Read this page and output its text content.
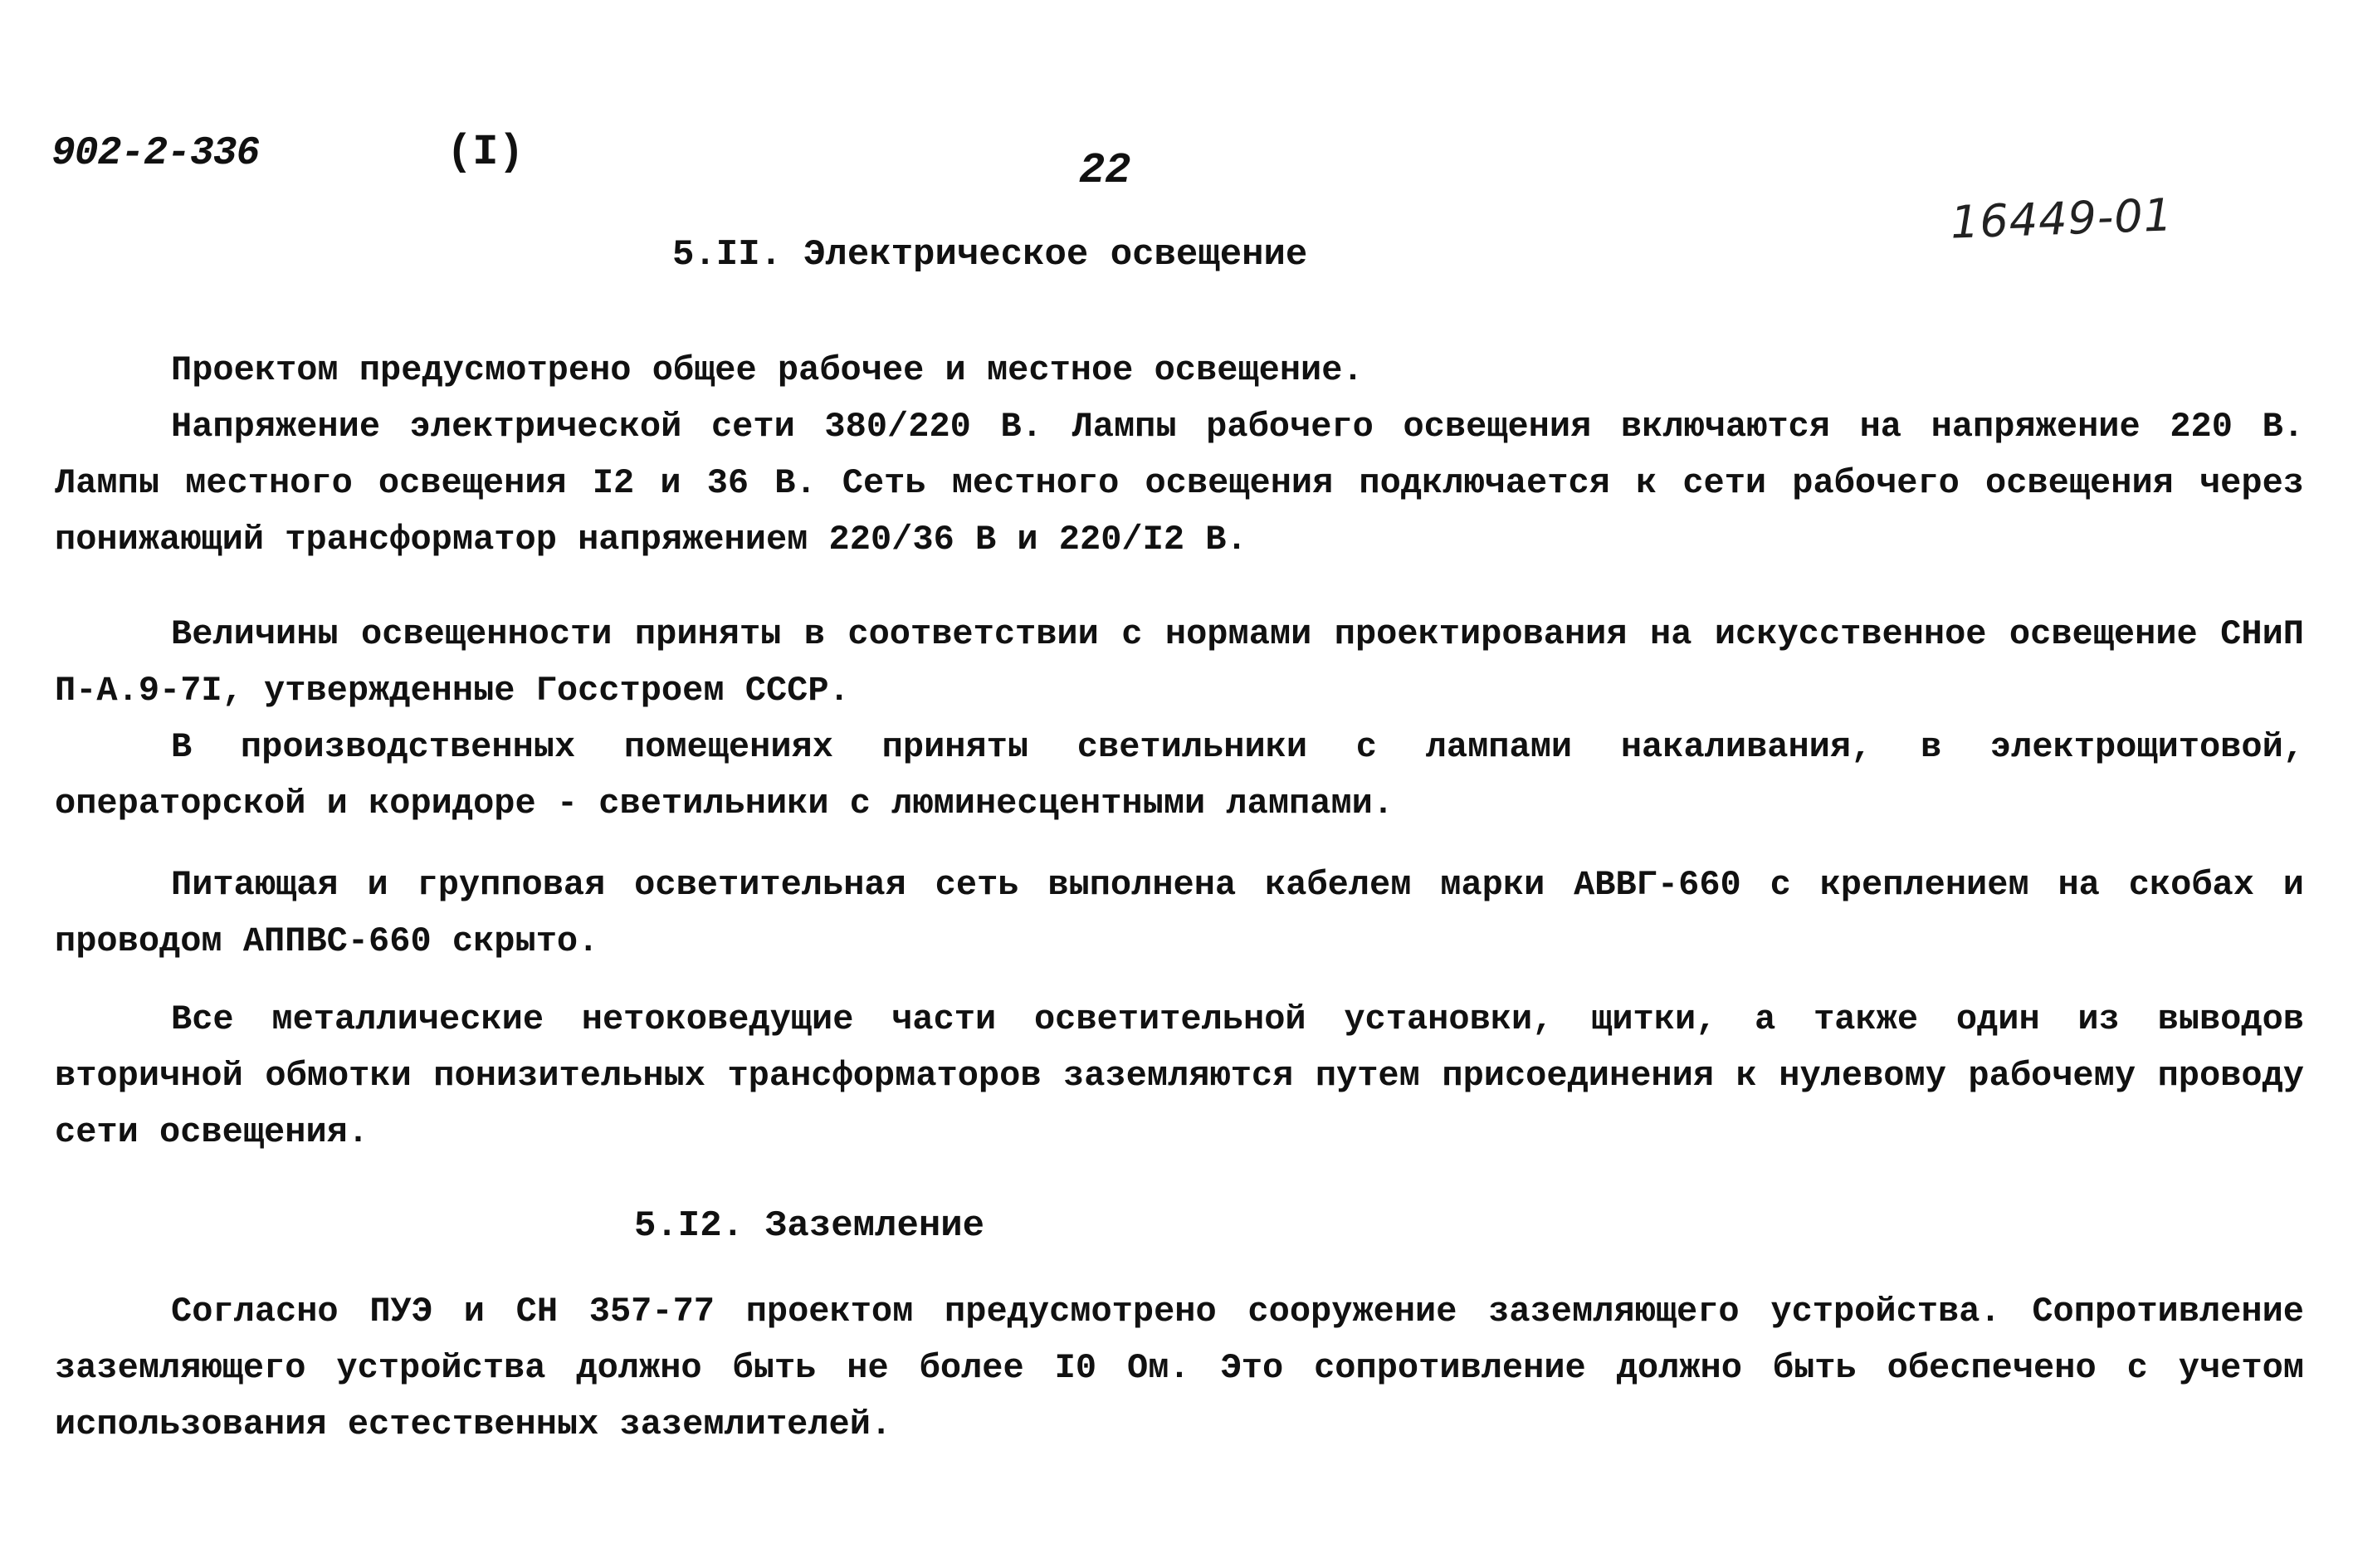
902-2-336	(I)	22
16449-01
5.II. Электрическое освещение

Проектом предусмотрено общее рабочее и местное освещение.

Напряжение электрической сети 380/220 В. Лампы рабочего освещения включаются на напряжение 220 В. Лампы местного освещения I2 и 36 В. Сеть местного освещения подключается к сети рабочего освещения через понижающий трансформатор напряжением 220/36 В и 220/I2 В.

Величины освещенности приняты в соответствии с нормами проектирования на искусственное освещение СНиП П-А.9-7I, утвержденные Госстроем СССР.

В производственных помещениях приняты светильники с лампами накаливания, в электрощитовой, операторской и коридоре - светильники с люминесцентными лампами.

Питающая и групповая осветительная сеть выполнена кабелем марки АВВГ-660 с креплением на скобах и проводом АППВС-660 скрыто.

Все металлические нетоковедущие части осветительной установки, щитки, а также один из выводов вторичной обмотки понизительных трансформаторов заземляются путем присоединения к нулевому рабочему проводу сети освещения.

5.I2. Заземление

Согласно ПУЭ и СН 357-77 проектом предусмотрено сооружение заземляющего устройства. Сопротивление заземляющего устройства должно быть не более I0 Ом. Это сопротивление должно быть обеспечено с учетом использования естественных заземлителей.
